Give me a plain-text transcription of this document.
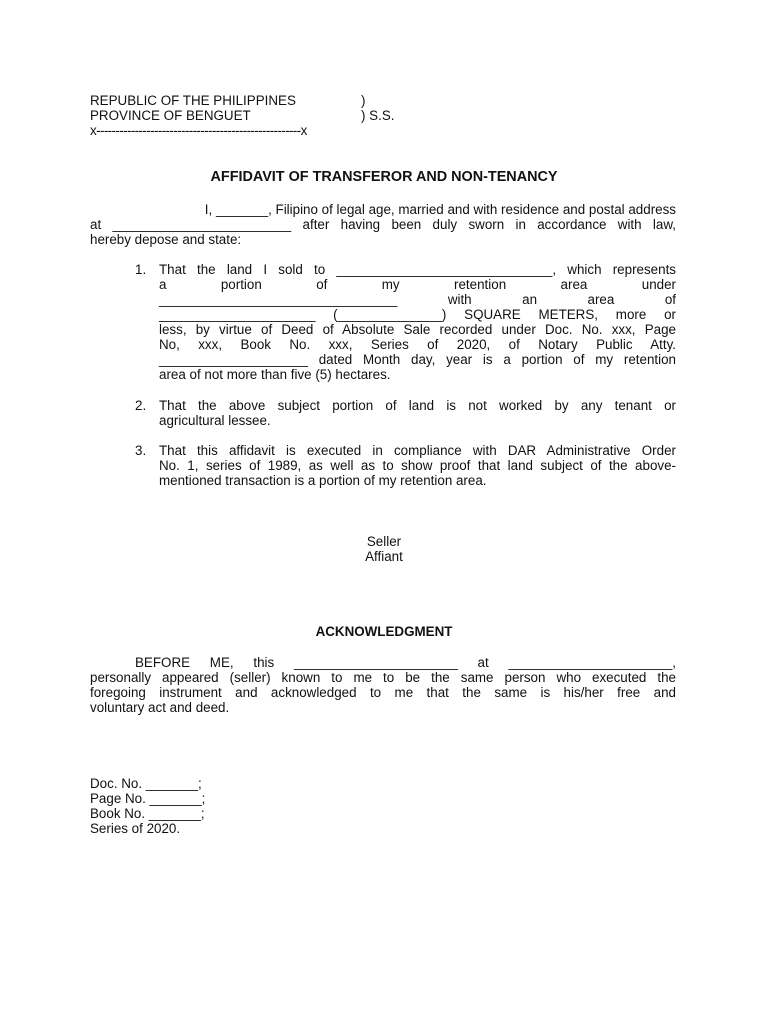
REPUBLIC OF THE PHILIPPINES	)
PROVINCE OF BENGUET	) S.S.
x-----------------------------------------------------x
AFFIDAVIT OF TRANSFEROR AND NON-TENANCY
I, _______, Filipino of legal age, married and with residence and postal address
at ________________________ after having been duly sworn in accordance with law,
hereby depose and state:
1. That the land I sold to _____________________________, which represents
a portion of my retention area under
________________________________ with an area of
_____________________ (______________) SQUARE METERS, more or
less, by virtue of Deed of Absolute Sale recorded under Doc. No. xxx, Page
No, xxx, Book No. xxx, Series of 2020, of Notary Public Atty.
____________________ dated Month day, year is a portion of my retention
area of not more than five (5) hectares.
2. That the above subject portion of land is not worked by any tenant or
agricultural lessee.
3. That this affidavit is executed in compliance with DAR Administrative Order
No. 1, series of 1989, as well as to show proof that land subject of the above-
mentioned transaction is a portion of my retention area.
Seller
Affiant
ACKNOWLEDGMENT
BEFORE ME, this ______________________ at ______________________,
personally appeared (seller) known to me to be the same person who executed the
foregoing instrument and acknowledged to me that the same is his/her free and
voluntary act and deed.
Doc. No. _______;
Page No. _______;
Book No. _______;
Series of 2020.
